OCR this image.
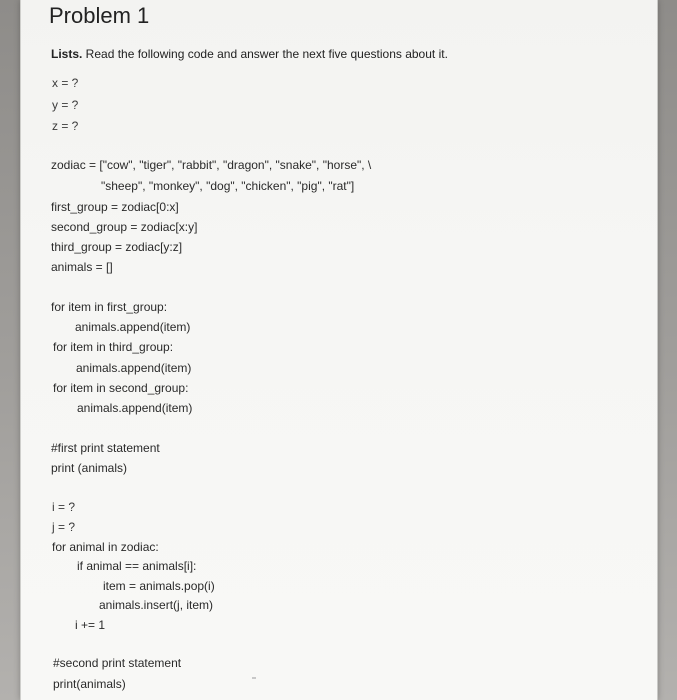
Problem 1
Lists. Read the following code and answer the next five questions about it.
x = ?
y = ?
z = ?
zodiac = ["cow", "tiger", "rabbit", "dragon", "snake", "horse", \
"sheep", "monkey", "dog", "chicken", "pig", "rat"]
first_group = zodiac[0:x]
second_group = zodiac[x:y]
third_group = zodiac[y:z]
animals = []
for item in first_group:
animals.append(item)
for item in third_group:
animals.append(item)
for item in second_group:
animals.append(item)
#first print statement
print (animals)
i = ?
j = ?
for animal in zodiac:
if animal == animals[i]:
item = animals.pop(i)
animals.insert(j, item)
i += 1
#second print statement
print(animals)
